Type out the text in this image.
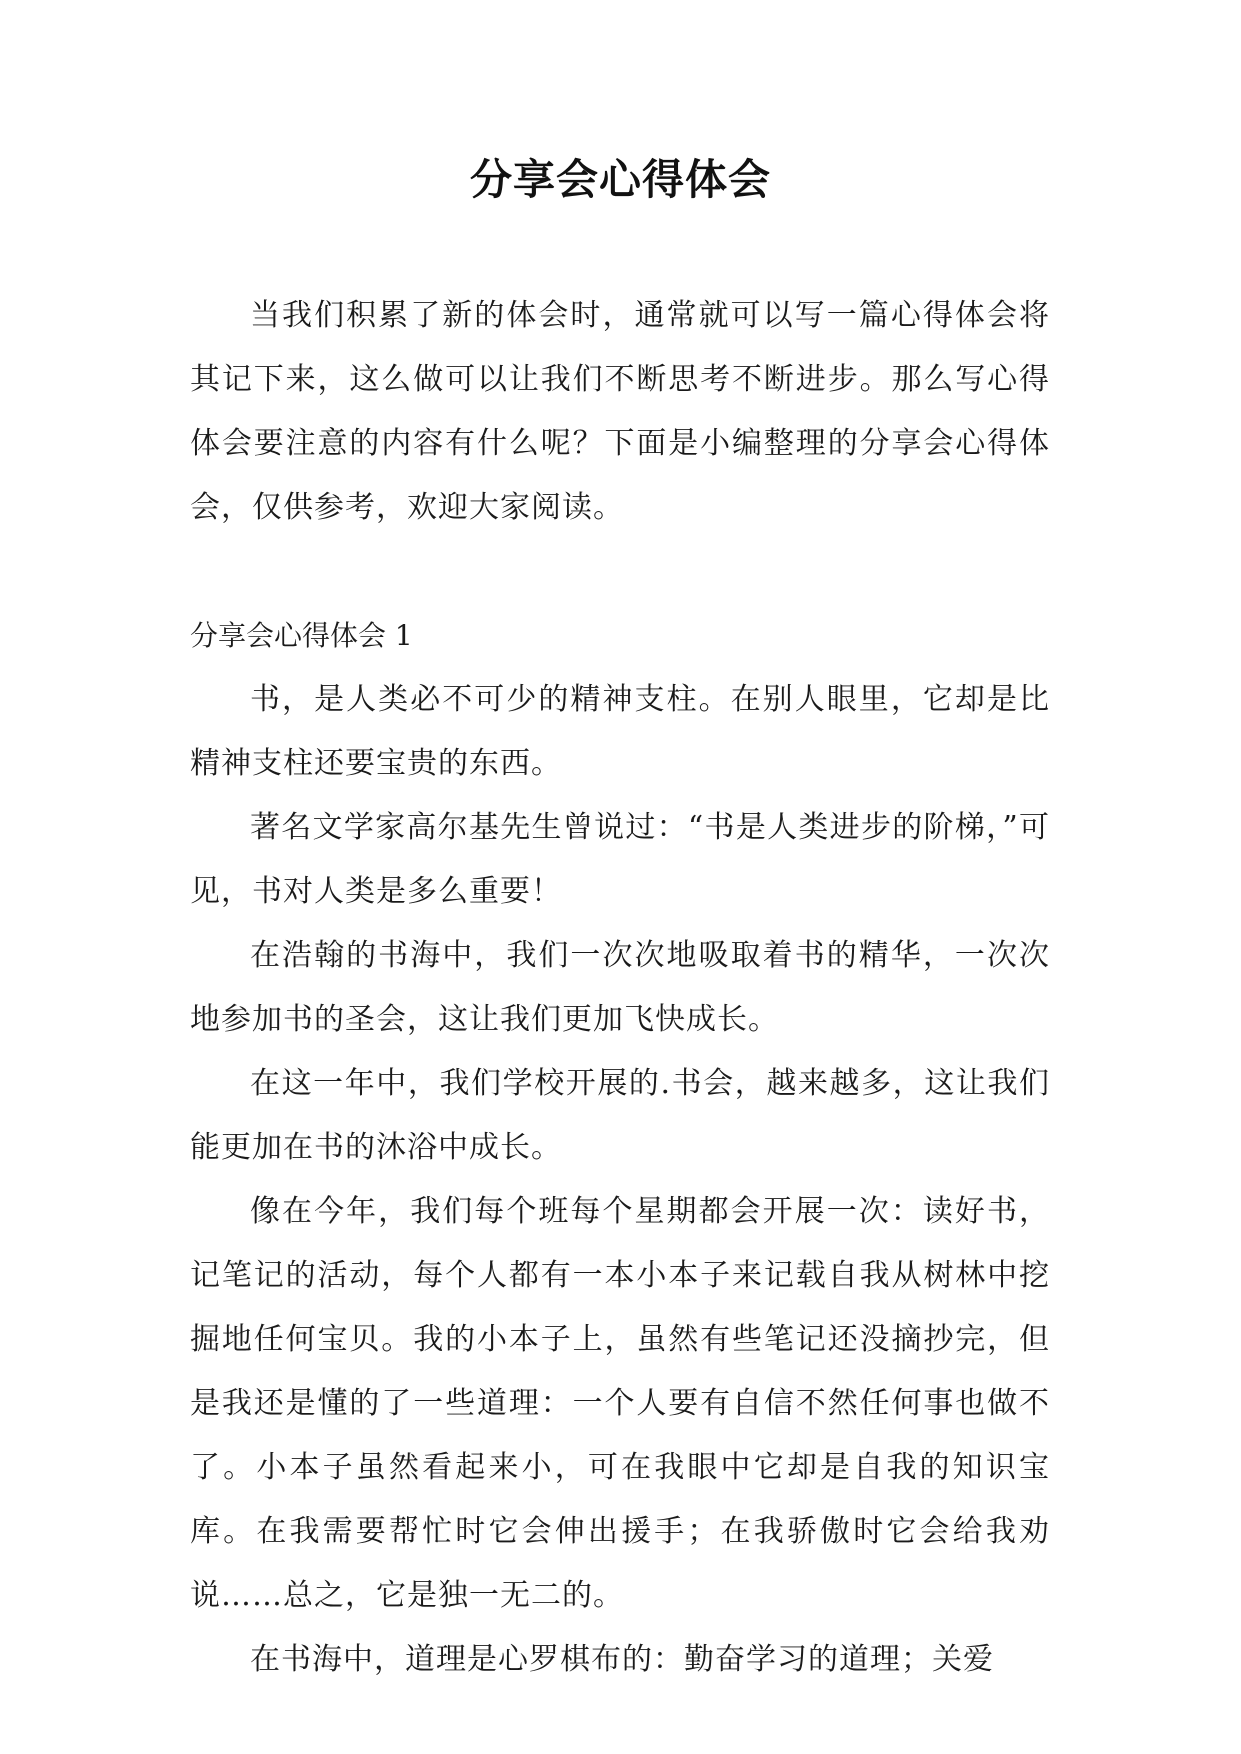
分享会心得体会

当我们积累了新的体会时，通常就可以写一篇心得体会将其记下来，这么做可以让我们不断思考不断进步。那么写心得体会要注意的内容有什么呢？下面是小编整理的分享会心得体会，仅供参考，欢迎大家阅读。

分享会心得体会 1

书，是人类必不可少的精神支柱。在别人眼里，它却是比精神支柱还要宝贵的东西。

著名文学家高尔基先生曾说过：“书是人类进步的阶梯，”可见，书对人类是多么重要！

在浩翰的书海中，我们一次次地吸取着书的精华，一次次地参加书的圣会，这让我们更加飞快成长。

在这一年中，我们学校开展的.书会，越来越多，这让我们能更加在书的沐浴中成长。

像在今年，我们每个班每个星期都会开展一次：读好书，记笔记的活动，每个人都有一本小本子来记载自我从树林中挖掘地任何宝贝。我的小本子上，虽然有些笔记还没摘抄完，但是我还是懂的了一些道理：一个人要有自信不然任何事也做不了。小本子虽然看起来小，可在我眼中它却是自我的知识宝库。在我需要帮忙时它会伸出援手；在我骄傲时它会给我劝说……总之，它是独一无二的。

在书海中，道理是心罗棋布的：勤奋学习的道理；关爱
